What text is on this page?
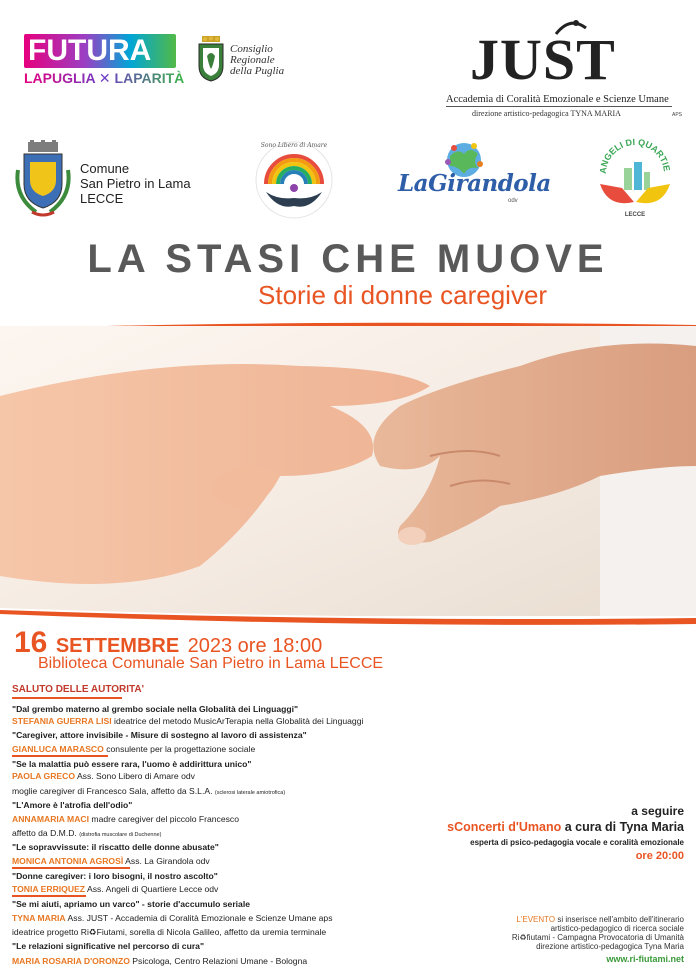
FUTURA
LAPUGLIA ✕ LAPARITÀ
Consiglio
Regionale
della Puglia	JUST
Accademia di Coralità Emozionale e Scienze Umane
direzione artistico-pedagogica TYNA MARIA	APS
Comune
San Pietro in Lama
LECCE
Sono Libero di Amare
LaGirandola
odv
ANGELI DI QUARTIE
LECCE
LA STASI CHE MUOVE
Storie di donne caregiver
16 SETTEMBRE 2023 ore 18:00
Biblioteca Comunale San Pietro in Lama LECCE
SALUTO DELLE AUTORITA'
"Dal grembo materno al grembo sociale nella Globalità dei Linguaggi"
STEFANIA GUERRA LISI ideatrice del metodo MusicArTerapia nella Globalità dei Linguaggi
"Caregiver, attore invisibile - Misure di sostegno al lavoro di assistenza"
GIANLUCA MARASCO consulente per la progettazione sociale
"Se la malattia può essere rara, l'uomo è addirittura unico"
PAOLA GRECO Ass. Sono Libero di Amare odv
moglie caregiver di Francesco Sala, affetto da S.L.A. (sclerosi laterale amiotrofica)
"L'Amore è l'atrofia dell'odio"
ANNAMARIA MACI madre caregiver del piccolo Francesco
affetto da D.M.D. (distrofia muscolare di Duchenne)
"Le sopravvissute: il riscatto delle donne abusate"
MONICA ANTONIA AGROSÌ Ass. La Girandola odv
"Donne caregiver: i loro bisogni, il nostro ascolto"
TONIA ERRIQUEZ Ass. Angeli di Quartiere Lecce odv
"Se mi aiuti, apriamo un varco" - storie d'accumulo seriale
TYNA MARIA Ass. JUST - Accademia di Coralità Emozionale e Scienze Umane aps
ideatrice progetto Ri♻Fiutami, sorella di Nicola Galileo, affetto da uremia terminale
"Le relazioni significative nel percorso di cura"
MARIA ROSARIA D'ORONZO Psicologa, Centro Relazioni Umane - Bologna
a seguire
sConcerti d'Umano a cura di Tyna Maria
esperta di psico-pedagogia vocale e coralità emozionale
ore 20:00
L'EVENTO si inserisce nell'ambito dell'itinerario
artistico-pedagogico di ricerca sociale
Ri♻fiutami - Campagna Provocatoria di Umanità
direzione artistico-pedagogica Tyna Maria
www.ri-fiutami.net
